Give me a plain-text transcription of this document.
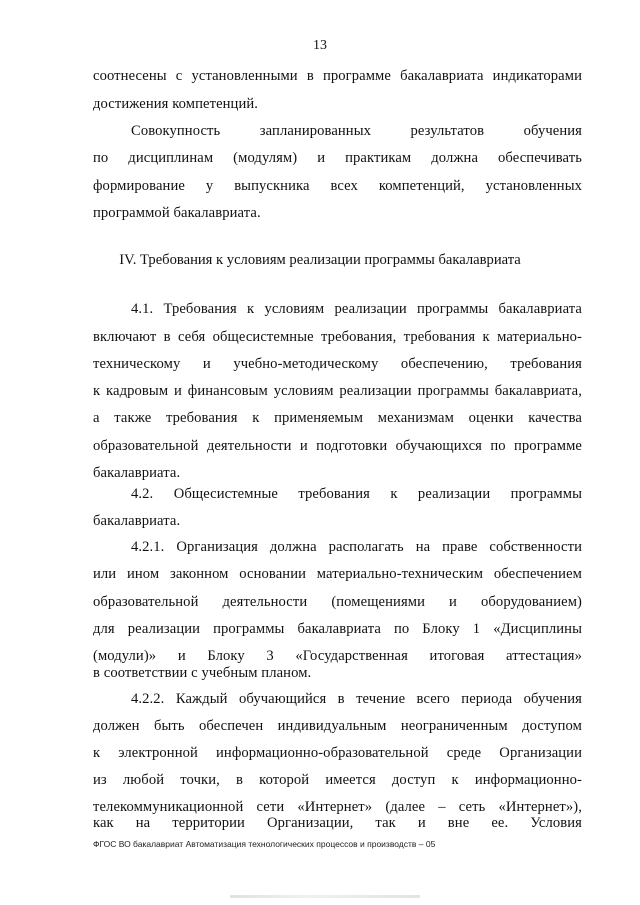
13
соотнесены с установленными в программе бакалавриата индикаторами
достижения компетенций.
Совокупность запланированных результатов обучения
по дисциплинам (модулям) и практикам должна обеспечивать
формирование у выпускника всех компетенций, установленных
программой бакалавриата.
IV. Требования к условиям реализации программы бакалавриата
4.1. Требования к условиям реализации программы бакалавриата
включают в себя общесистемные требования, требования к материально-
техническому и учебно-методическому обеспечению, требования
к кадровым и финансовым условиям реализации программы бакалавриата,
а также требования к применяемым механизмам оценки качества
образовательной деятельности и подготовки обучающихся по программе
бакалавриата.
4.2. Общесистемные требования к реализации программы
бакалавриата.
4.2.1. Организация должна располагать на праве собственности
или ином законном основании материально-техническим обеспечением
образовательной деятельности (помещениями и оборудованием)
для реализации программы бакалавриата по Блоку 1 «Дисциплины
(модули)» и Блоку 3 «Государственная итоговая аттестация»
в соответствии с учебным планом.
4.2.2. Каждый обучающийся в течение всего периода обучения
должен быть обеспечен индивидуальным неограниченным доступом
к электронной информационно-образовательной среде Организации
из любой точки, в которой имеется доступ к информационно-
телекоммуникационной сети «Интернет» (далее – сеть «Интернет»),
как на территории Организации, так и вне ее. Условия
ФГОС ВО бакалавриат Автоматизация технологических процессов и производств – 05
